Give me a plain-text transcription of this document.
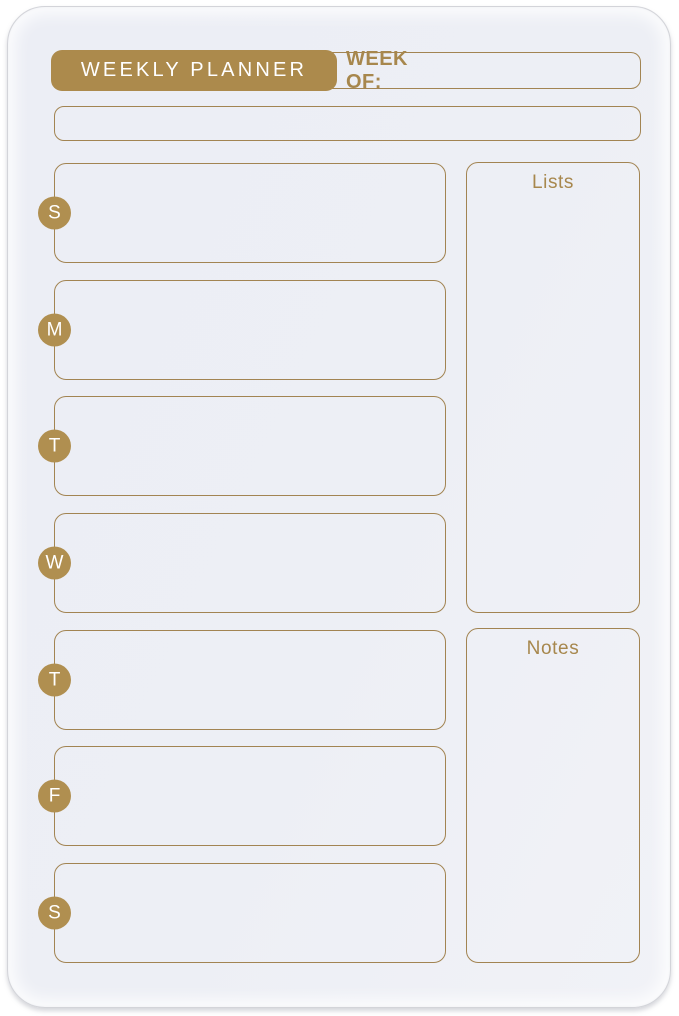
WEEKLY PLANNER
WEEK OF:
S
M
T
W
T
F
S
Lists
Notes
